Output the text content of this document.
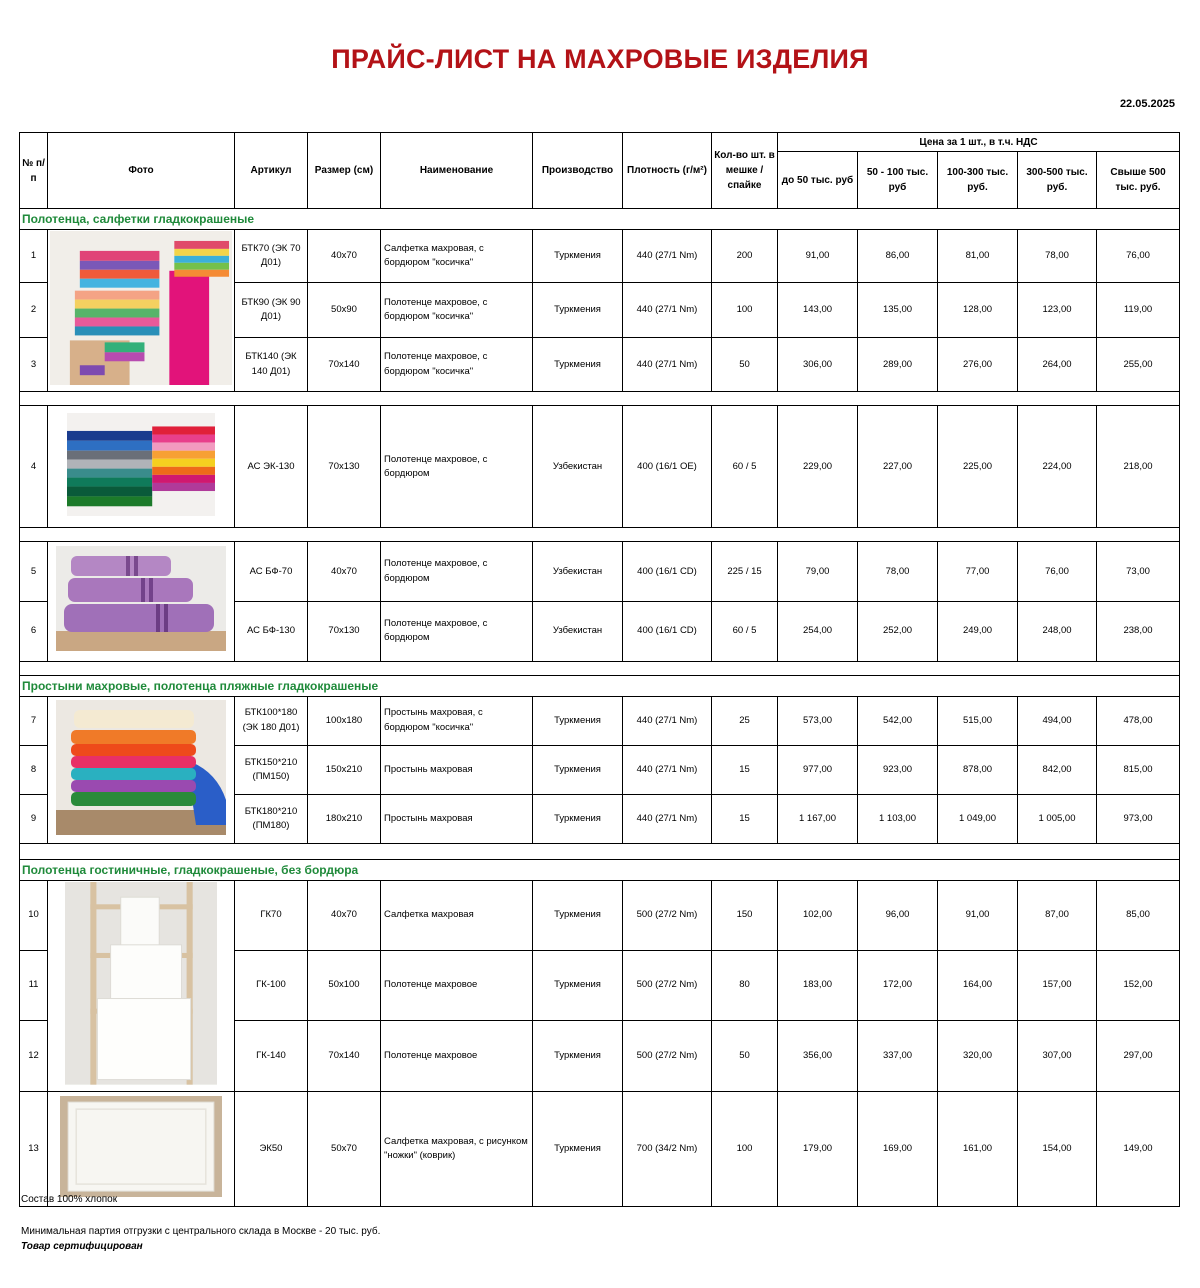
ПРАЙС-ЛИСТ НА МАХРОВЫЕ ИЗДЕЛИЯ
22.05.2025
№ п/п	Фото	Артикул	Размер (см)	Наименование	Производство	Плотность (г/м²)	Кол-во шт. в мешке / спайке	Цена за 1 шт., в т.ч. НДС				
								до 50 тыс. руб	50 - 100 тыс. руб	100-300 тыс. руб.	300-500 тыс. руб.	Свыше 500 тыс. руб.
Полотенца, салфетки гладкокрашеные												
1		БТК70 (ЭК 70 Д01)	40х70	Салфетка махровая, с бордюром "косичка"	Туркмения	440 (27/1 Nm)	200	91,00	86,00	81,00	78,00	76,00
2		БТК90 (ЭК 90 Д01)	50х90	Полотенце махровое, с бордюром "косичка"	Туркмения	440 (27/1 Nm)	100	143,00	135,00	128,00	123,00	119,00
3		БТК140 (ЭК 140 Д01)	70х140	Полотенце махровое, с бордюром "косичка"	Туркмения	440 (27/1 Nm)	50	306,00	289,00	276,00	264,00	255,00

4		АС ЭК-130	70х130	Полотенце махровое, с бордюром	Узбекистан	400 (16/1 OE)	60 / 5	229,00	227,00	225,00	224,00	218,00

5		АС БФ-70	40х70	Полотенце махровое, с бордюром	Узбекистан	400 (16/1 CD)	225 / 15	79,00	78,00	77,00	76,00	73,00
6		АС БФ-130	70х130	Полотенце махровое, с бордюром	Узбекистан	400 (16/1 CD)	60 / 5	254,00	252,00	249,00	248,00	238,00

Простыни махровые, полотенца пляжные гладкокрашеные												
7		БТК100*180 (ЭК 180 Д01)	100х180	Простынь махровая, с бордюром "косичка"	Туркмения	440 (27/1 Nm)	25	573,00	542,00	515,00	494,00	478,00
8		БТК150*210 (ПМ150)	150х210	Простынь махровая	Туркмения	440 (27/1 Nm)	15	977,00	923,00	878,00	842,00	815,00
9		БТК180*210 (ПМ180)	180х210	Простынь махровая	Туркмения	440 (27/1 Nm)	15	1 167,00	1 103,00	1 049,00	1 005,00	973,00

Полотенца гостиничные, гладкокрашеные, без бордюра												
10		ГК70	40х70	Салфетка махровая	Туркмения	500 (27/2 Nm)	150	102,00	96,00	91,00	87,00	85,00
11		ГК-100	50х100	Полотенце махровое	Туркмения	500 (27/2 Nm)	80	183,00	172,00	164,00	157,00	152,00
12		ГК-140	70х140	Полотенце махровое	Туркмения	500 (27/2 Nm)	50	356,00	337,00	320,00	307,00	297,00
13		ЭК50	50х70	Салфетка махровая, с рисунком "ножки" (коврик)	Туркмения	700 (34/2 Nm)	100	179,00	169,00	161,00	154,00	149,00
Состав 100% хлопок
Минимальная партия отгрузки с центрального склада в Москве - 20 тыс. руб.
Товар сертифицирован
